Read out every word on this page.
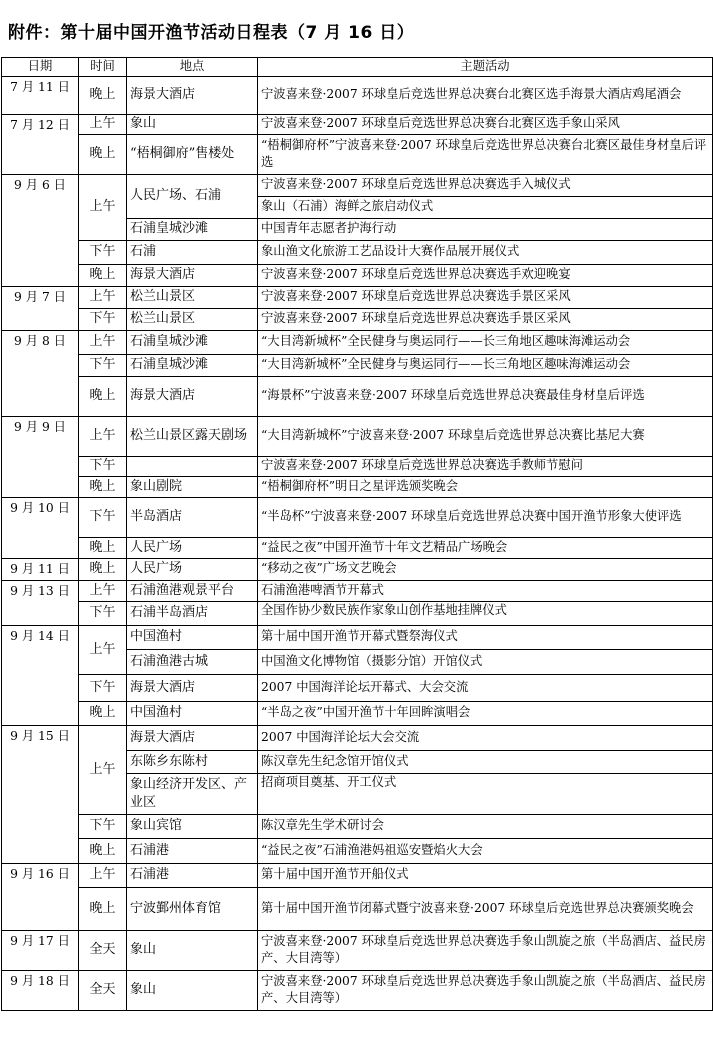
附件：第十届中国开渔节活动日程表（7 月 16 日）
日期	时间	地点	主题活动
7 月 11 日	晚上	海景大酒店	宁波喜来登·2007 环球皇后竞选世界总决赛台北赛区选手海景大酒店鸡尾酒会
7 月 12 日	上午	象山	宁波喜来登·2007 环球皇后竞选世界总决赛台北赛区选手象山采风
	晚上	“梧桐御府”售楼处	“梧桐御府杯”宁波喜来登·2007 环球皇后竞选世界总决赛台北赛区最佳身材皇后评选
9 月 6 日	上午	人民广场、石浦	宁波喜来登·2007 环球皇后竞选世界总决赛选手入城仪式
			象山（石浦）海鲜之旅启动仪式
		石浦皇城沙滩	中国青年志愿者护海行动
	下午	石浦	象山渔文化旅游工艺品设计大赛作品展开展仪式
	晚上	海景大酒店	宁波喜来登·2007 环球皇后竞选世界总决赛选手欢迎晚宴
9 月 7 日	上午	松兰山景区	宁波喜来登·2007 环球皇后竞选世界总决赛选手景区采风
	下午	松兰山景区	宁波喜来登·2007 环球皇后竞选世界总决赛选手景区采风
9 月 8 日	上午	石浦皇城沙滩	“大目湾新城杯”全民健身与奥运同行——长三角地区趣味海滩运动会
	下午	石浦皇城沙滩	“大目湾新城杯”全民健身与奥运同行——长三角地区趣味海滩运动会
	晚上	海景大酒店	“海景杯”宁波喜来登·2007 环球皇后竞选世界总决赛最佳身材皇后评选
9 月 9 日	上午	松兰山景区露天剧场	“大目湾新城杯”宁波喜来登·2007 环球皇后竞选世界总决赛比基尼大赛
	下午		宁波喜来登·2007 环球皇后竞选世界总决赛选手教师节慰问
	晚上	象山剧院	“梧桐御府杯”明日之星评选颁奖晚会
9 月 10 日	下午	半岛酒店	“半岛杯”宁波喜来登·2007 环球皇后竞选世界总决赛中国开渔节形象大使评选
	晚上	人民广场	“益民之夜”中国开渔节十年文艺精品广场晚会
9 月 11 日	晚上	人民广场	“移动之夜”广场文艺晚会
9 月 13 日	上午	石浦渔港观景平台	石浦渔港啤酒节开幕式
	下午	石浦半岛酒店	全国作协少数民族作家象山创作基地挂牌仪式
9 月 14 日	上午	中国渔村	第十届中国开渔节开幕式暨祭海仪式
		石浦渔港古城	中国渔文化博物馆（摄影分馆）开馆仪式
	下午	海景大酒店	2007 中国海洋论坛开幕式、大会交流
	晚上	中国渔村	“半岛之夜”中国开渔节十年回眸演唱会
9 月 15 日	上午	海景大酒店	2007 中国海洋论坛大会交流
		东陈乡东陈村	陈汉章先生纪念馆开馆仪式
		象山经济开发区、产业区	招商项目奠基、开工仪式
	下午	象山宾馆	陈汉章先生学术研讨会
	晚上	石浦港	“益民之夜”石浦渔港妈祖巡安暨焰火大会
9 月 16 日	上午	石浦港	第十届中国开渔节开船仪式
	晚上	宁波鄞州体育馆	第十届中国开渔节闭幕式暨宁波喜来登·2007 环球皇后竞选世界总决赛颁奖晚会
9 月 17 日	全天	象山	宁波喜来登·2007 环球皇后竞选世界总决赛选手象山凯旋之旅（半岛酒店、益民房产、大目湾等）
9 月 18 日	全天	象山	宁波喜来登·2007 环球皇后竞选世界总决赛选手象山凯旋之旅（半岛酒店、益民房产、大目湾等）
